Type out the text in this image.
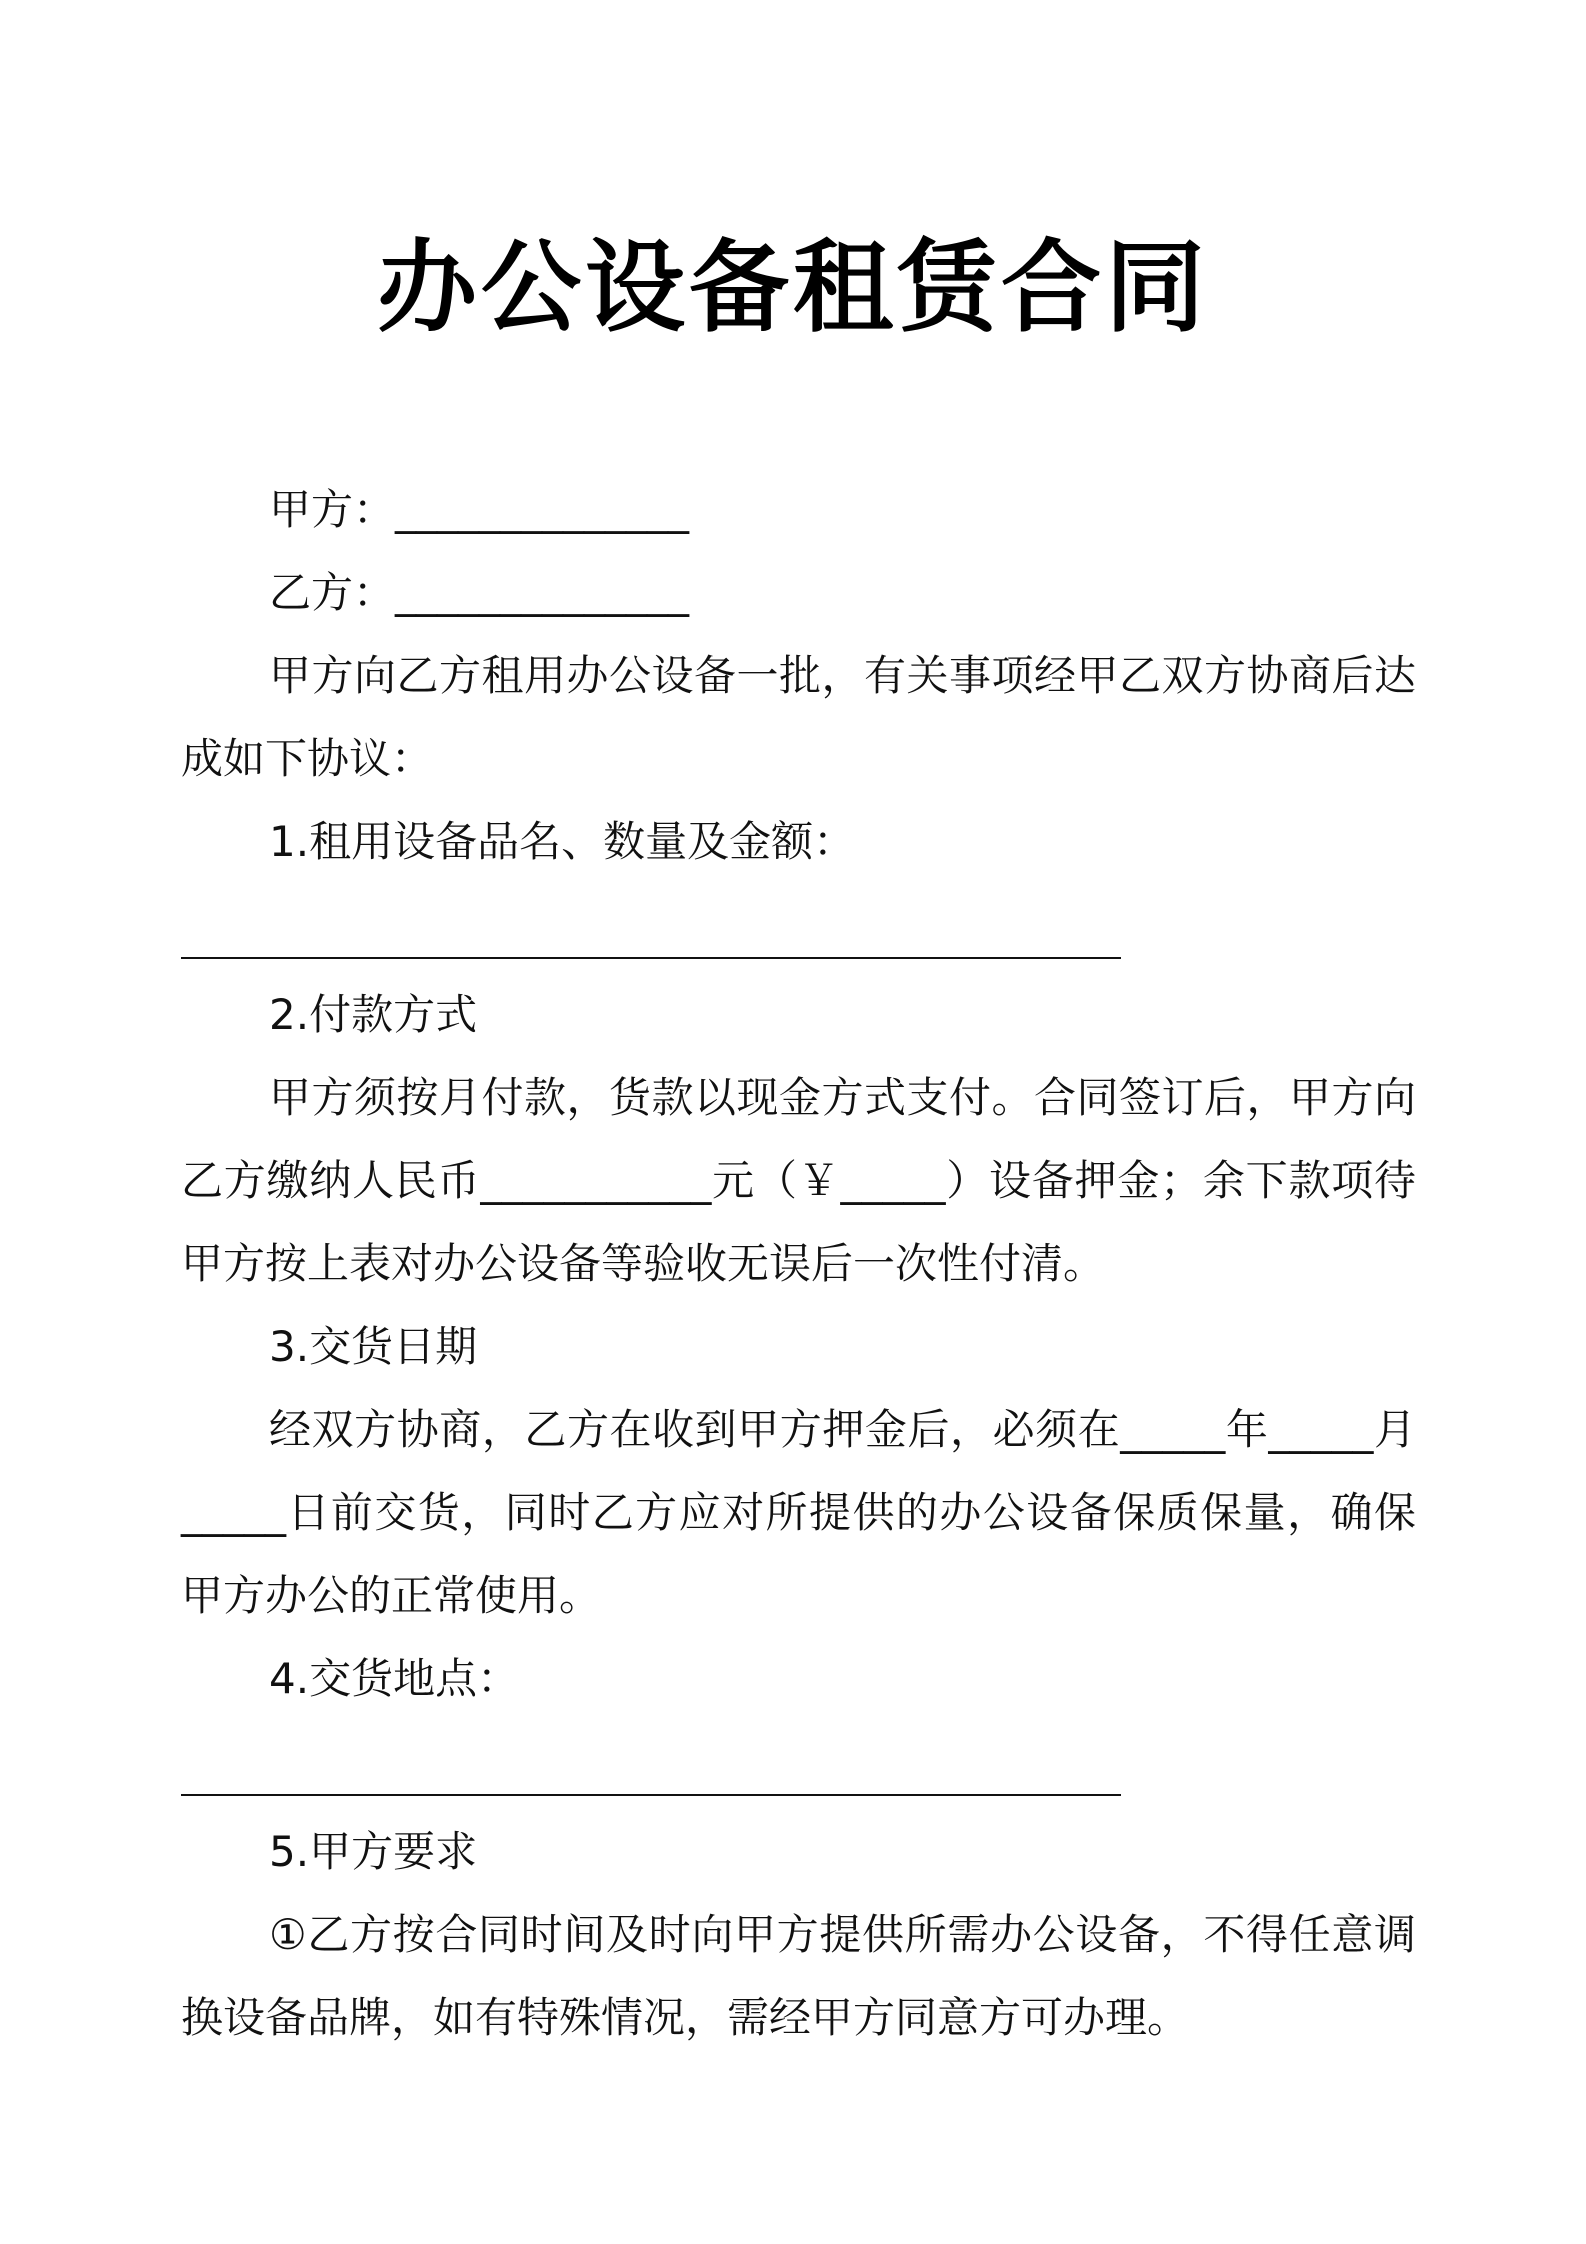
办公设备租赁合同

甲方：______________

乙方：______________

甲方向乙方租用办公设备一批，有关事项经甲乙双方协商后达成如下协议：

1.租用设备品名、数量及金额：

2.付款方式

甲方须按月付款，货款以现金方式支付。合同签订后，甲方向乙方缴纳人民币___________元（￥_____）设备押金；余下款项待甲方按上表对办公设备等验收无误后一次性付清。

3.交货日期

经双方协商，乙方在收到甲方押金后，必须在_____年_____月_____日前交货，同时乙方应对所提供的办公设备保质保量，确保甲方办公的正常使用。

4.交货地点：

5.甲方要求

①乙方按合同时间及时向甲方提供所需办公设备，不得任意调换设备品牌，如有特殊情况，需经甲方同意方可办理。
